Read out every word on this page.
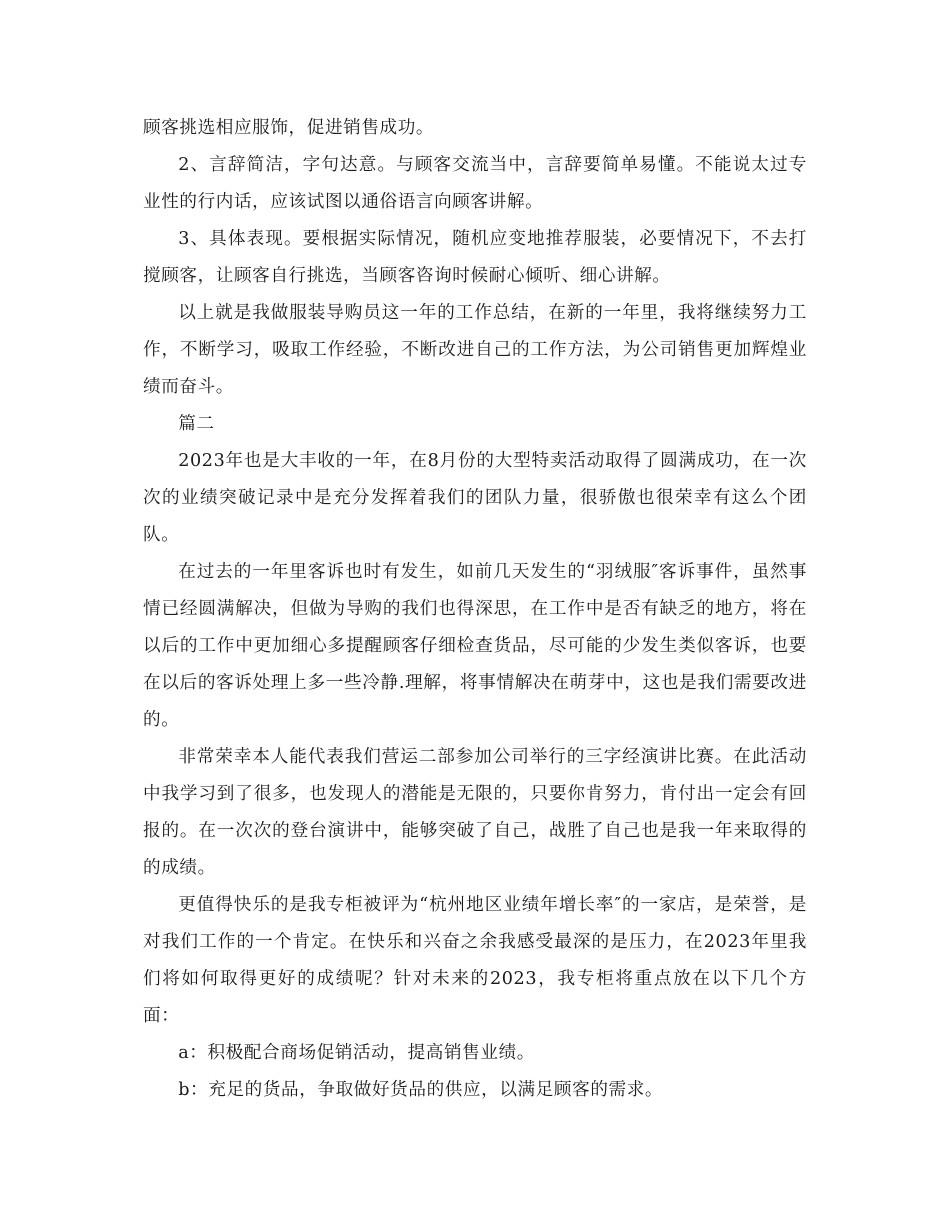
顾客挑选相应服饰，促进销售成功。

2、言辞简洁，字句达意。与顾客交流当中，言辞要简单易懂。不能说太过专业性的行内话，应该试图以通俗语言向顾客讲解。

3、具体表现。要根据实际情况，随机应变地推荐服装，必要情况下，不去打搅顾客，让顾客自行挑选，当顾客咨询时候耐心倾听、细心讲解。

以上就是我做服装导购员这一年的工作总结，在新的一年里，我将继续努力工作，不断学习，吸取工作经验，不断改进自己的工作方法，为公司销售更加辉煌业绩而奋斗。

篇二

2023年也是大丰收的一年，在8月份的大型特卖活动取得了圆满成功，在一次次的业绩突破记录中是充分发挥着我们的团队力量，很骄傲也很荣幸有这么个团队。

在过去的一年里客诉也时有发生，如前几天发生的“羽绒服″客诉事件，虽然事情已经圆满解决，但做为导购的我们也得深思，在工作中是否有缺乏的地方，将在以后的工作中更加细心多提醒顾客仔细检查货品，尽可能的少发生类似客诉，也要在以后的客诉处理上多一些冷静.理解，将事情解决在萌芽中，这也是我们需要改进的。

非常荣幸本人能代表我们营运二部参加公司举行的三字经演讲比赛。在此活动中我学习到了很多，也发现人的潜能是无限的，只要你肯努力，肯付出一定会有回报的。在一次次的登台演讲中，能够突破了自己，战胜了自己也是我一年来取得的的成绩。

更值得快乐的是我专柜被评为“杭州地区业绩年增长率″的一家店，是荣誉，是对我们工作的一个肯定。在快乐和兴奋之余我感受最深的是压力，在2023年里我们将如何取得更好的成绩呢？针对未来的2023，我专柜将重点放在以下几个方面：

a：积极配合商场促销活动，提高销售业绩。

b：充足的货品，争取做好货品的供应，以满足顾客的需求。
